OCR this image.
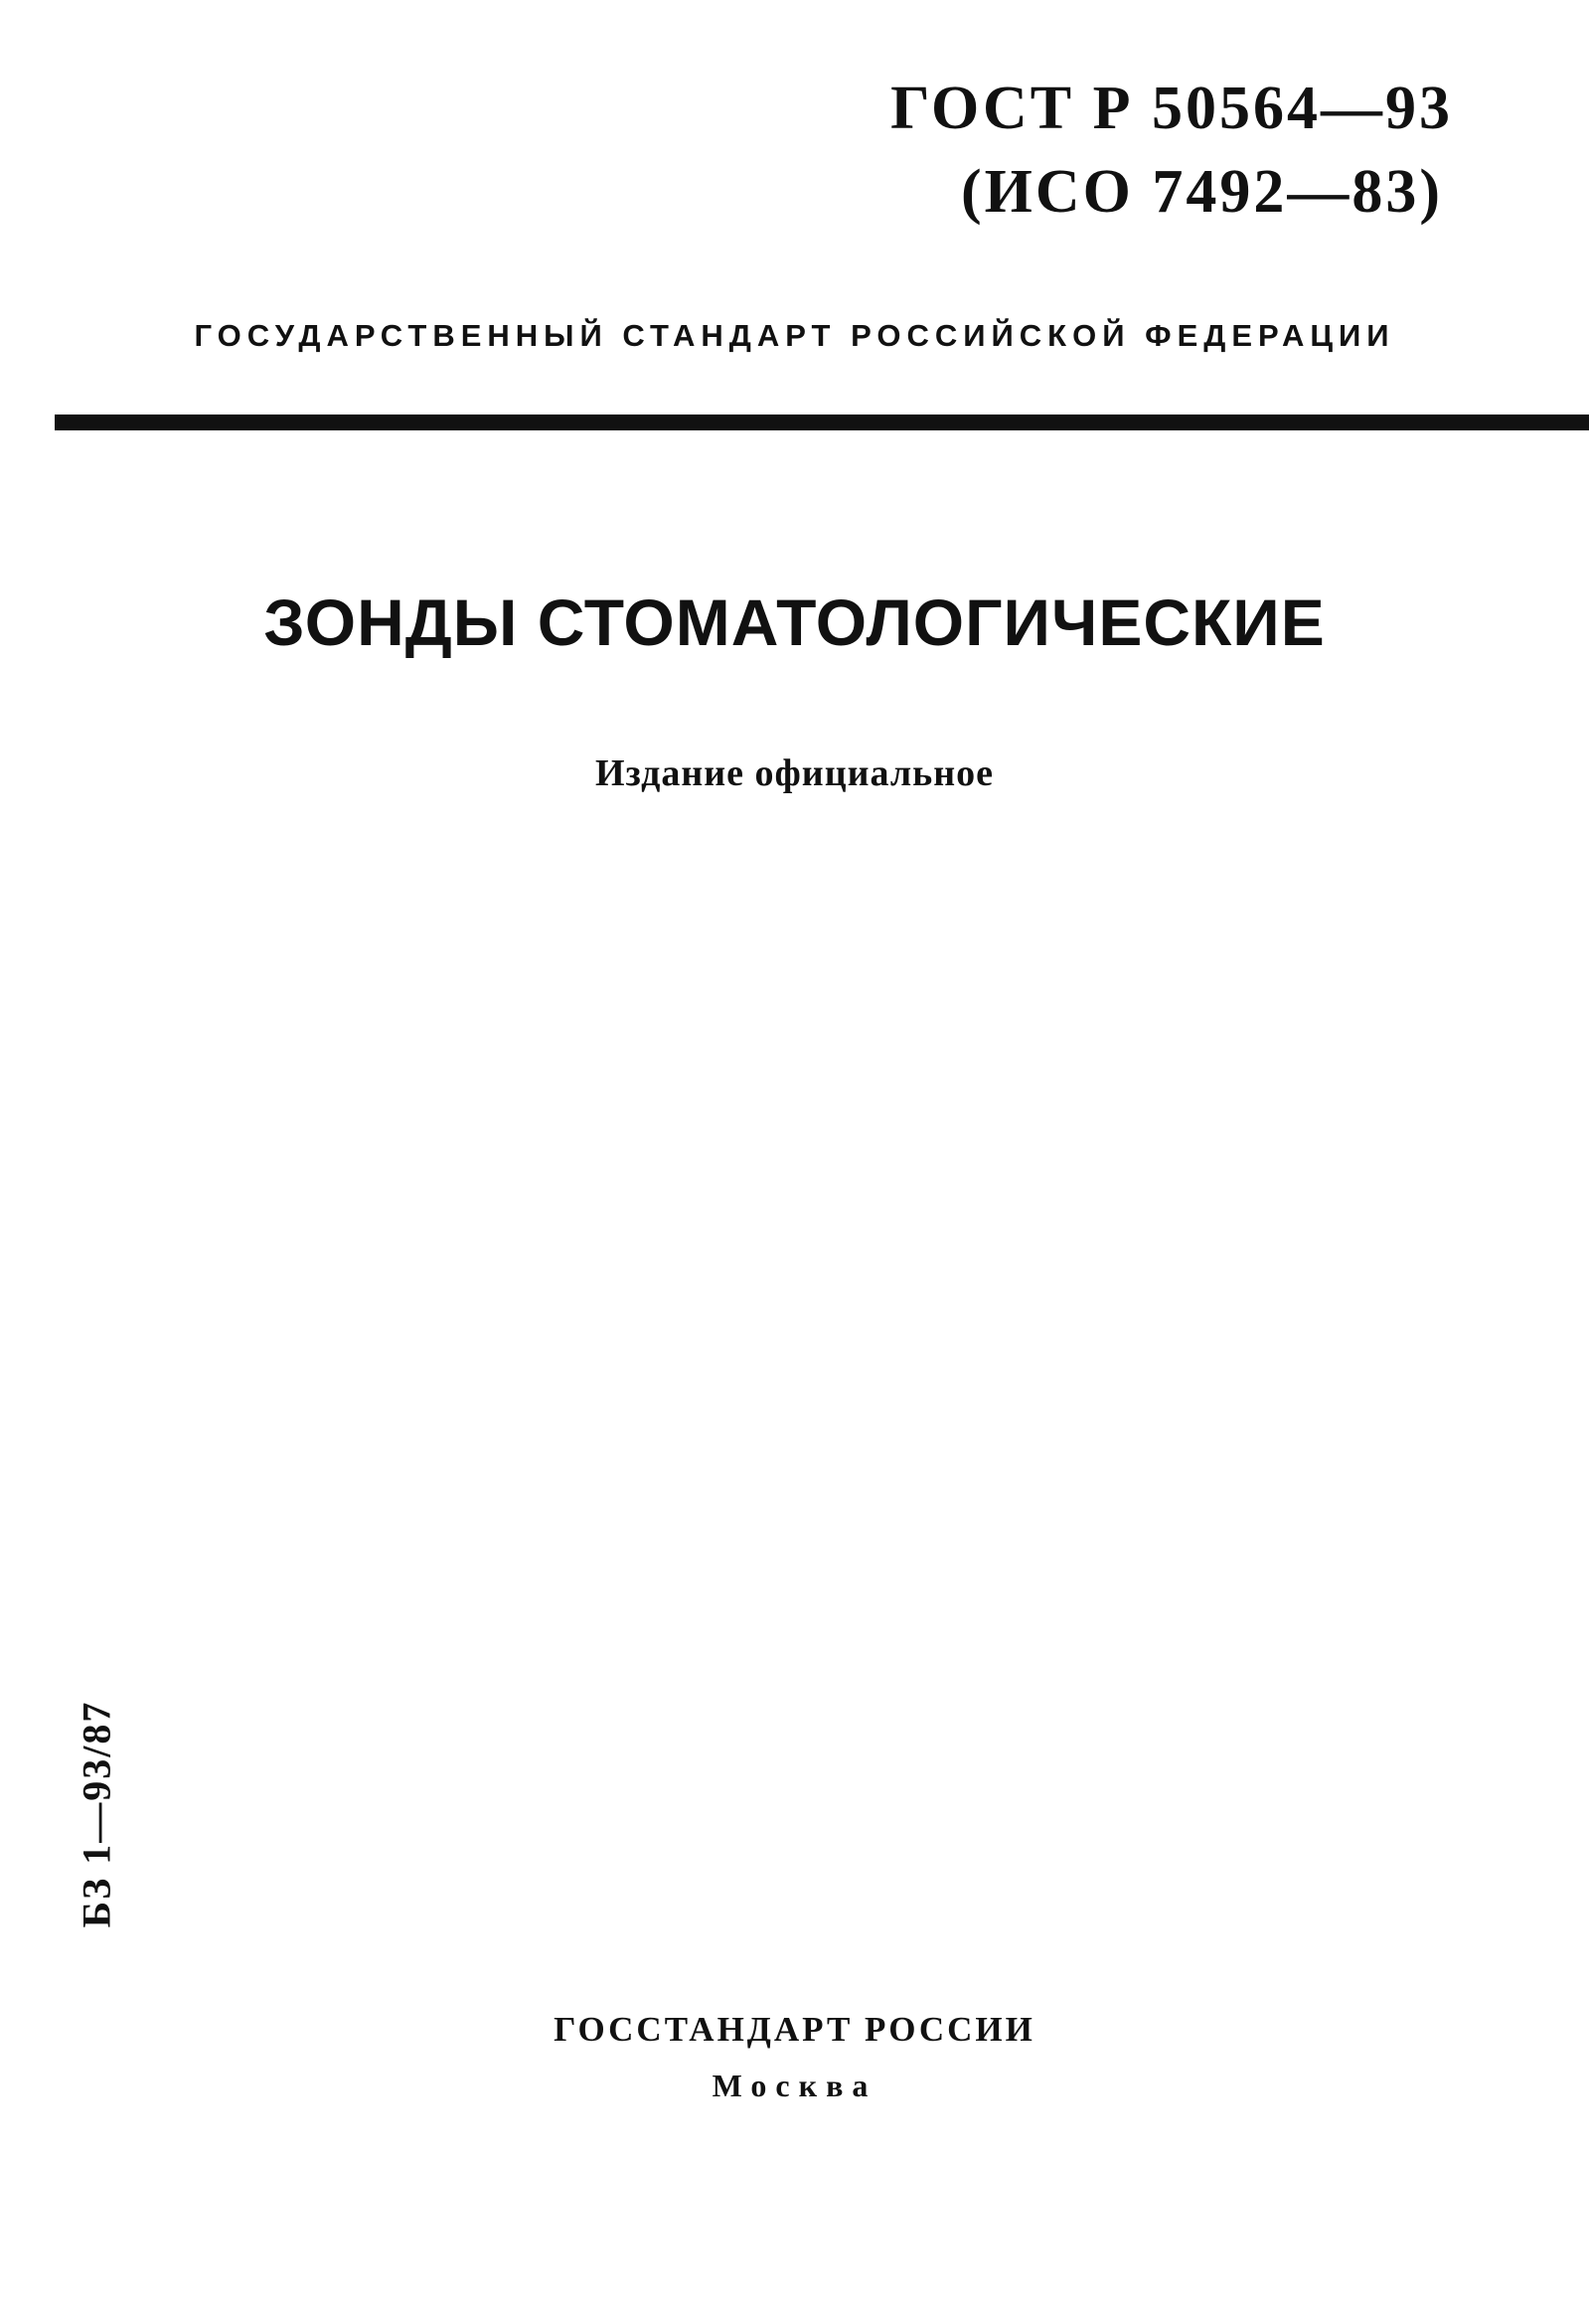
ГОСТ Р 50564—93
(ИСО 7492—83)
ГОСУДАРСТВЕННЫЙ СТАНДАРТ РОССИЙСКОЙ ФЕДЕРАЦИИ
ЗОНДЫ СТОМАТОЛОГИЧЕСКИЕ
Издание официальное
БЗ 1—93/87
ГОССТАНДАРТ РОССИИ
Москва
